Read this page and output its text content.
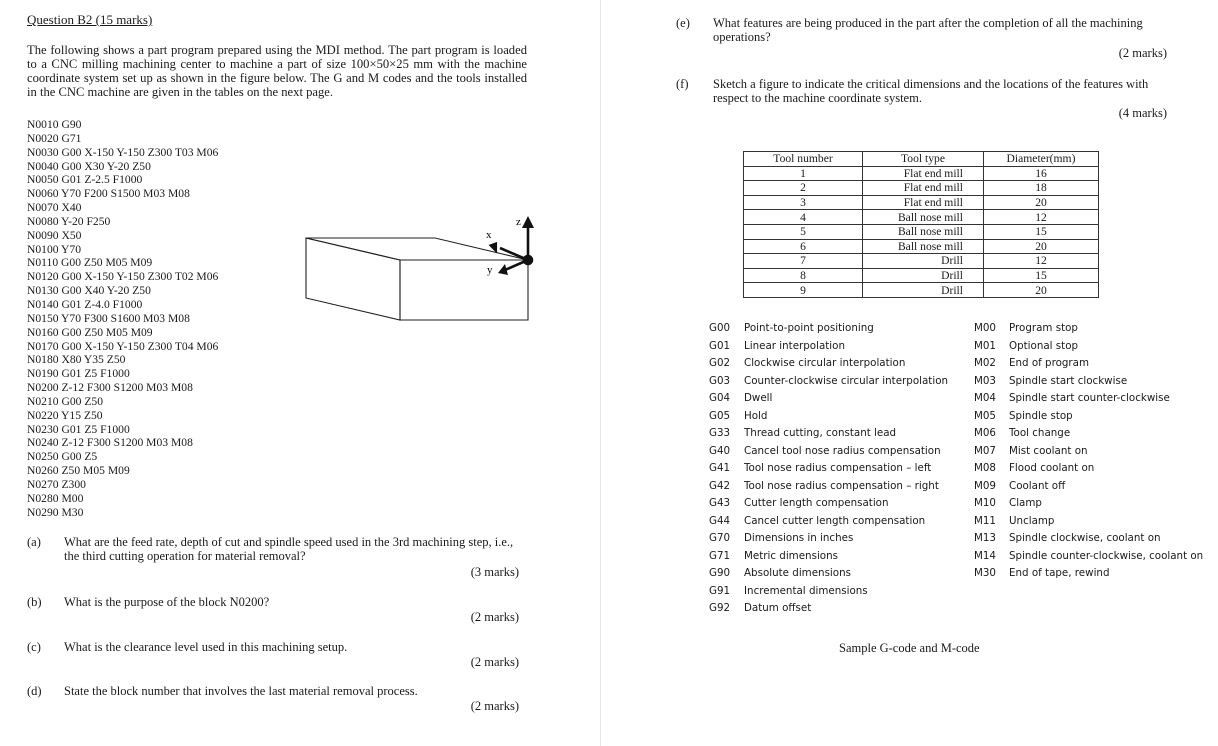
Question B2 (15 marks)
The following shows a part program prepared using the MDI method. The part program is loaded to a CNC milling machining center to machine a part of size 100×50×25 mm with the machine coordinate system set up as shown in the figure below. The G and M codes and the tools installed in the CNC machine are given in the tables on the next page.
N0010 G90
N0020 G71
N0030 G00 X-150 Y-150 Z300 T03 M06
N0040 G00 X30 Y-20 Z50
N0050 G01 Z-2.5 F1000
N0060 Y70 F200 S1500 M03 M08
N0070 X40
N0080 Y-20 F250
N0090 X50
N0100 Y70
N0110 G00 Z50 M05 M09
N0120 G00 X-150 Y-150 Z300 T02 M06
N0130 G00 X40 Y-20 Z50
N0140 G01 Z-4.0 F1000
N0150 Y70 F300 S1600 M03 M08
N0160 G00 Z50 M05 M09
N0170 G00 X-150 Y-150 Z300 T04 M06
N0180 X80 Y35 Z50
N0190 G01 Z5 F1000
N0200 Z-12 F300 S1200 M03 M08
N0210 G00 Z50
N0220 Y15 Z50
N0230 G01 Z5 F1000
N0240 Z-12 F300 S1200 M03 M08
N0250 G00 Z5
N0260 Z50 M05 M09
N0270 Z300
N0280 M00
N0290 M30
z
x
y
(a) What are the feed rate, depth of cut and spindle speed used in the 3rd machining step, i.e., the third cutting operation for material removal?
(3 marks)
(b) What is the purpose of the block N0200?
(2 marks)
(c) What is the clearance level used in this machining setup.
(2 marks)
(d) State the block number that involves the last material removal process.
(2 marks)
(e) What features are being produced in the part after the completion of all the machining operations?
(2 marks)
(f) Sketch a figure to indicate the critical dimensions and the locations of the features with respect to the machine coordinate system.
(4 marks)
Tool number	Tool type	Diameter(mm)
1	Flat end mill	16
2	Flat end mill	18
3	Flat end mill	20
4	Ball nose mill	12
5	Ball nose mill	15
6	Ball nose mill	20
7	Drill	12
8	Drill	15
9	Drill	20
G00	Point-to-point positioning
G01	Linear interpolation
G02	Clockwise circular interpolation
G03	Counter-clockwise circular interpolation
G04	Dwell
G05	Hold
G33	Thread cutting, constant lead
G40	Cancel tool nose radius compensation
G41	Tool nose radius compensation – left
G42	Tool nose radius compensation – right
G43	Cutter length compensation
G44	Cancel cutter length compensation
G70	Dimensions in inches
G71	Metric dimensions
G90	Absolute dimensions
G91	Incremental dimensions
G92	Datum offset
M00	Program stop
M01	Optional stop
M02	End of program
M03	Spindle start clockwise
M04	Spindle start counter-clockwise
M05	Spindle stop
M06	Tool change
M07	Mist coolant on
M08	Flood coolant on
M09	Coolant off
M10	Clamp
M11	Unclamp
M13	Spindle clockwise, coolant on
M14	Spindle counter-clockwise, coolant on
M30	End of tape, rewind
Sample G-code and M-code
